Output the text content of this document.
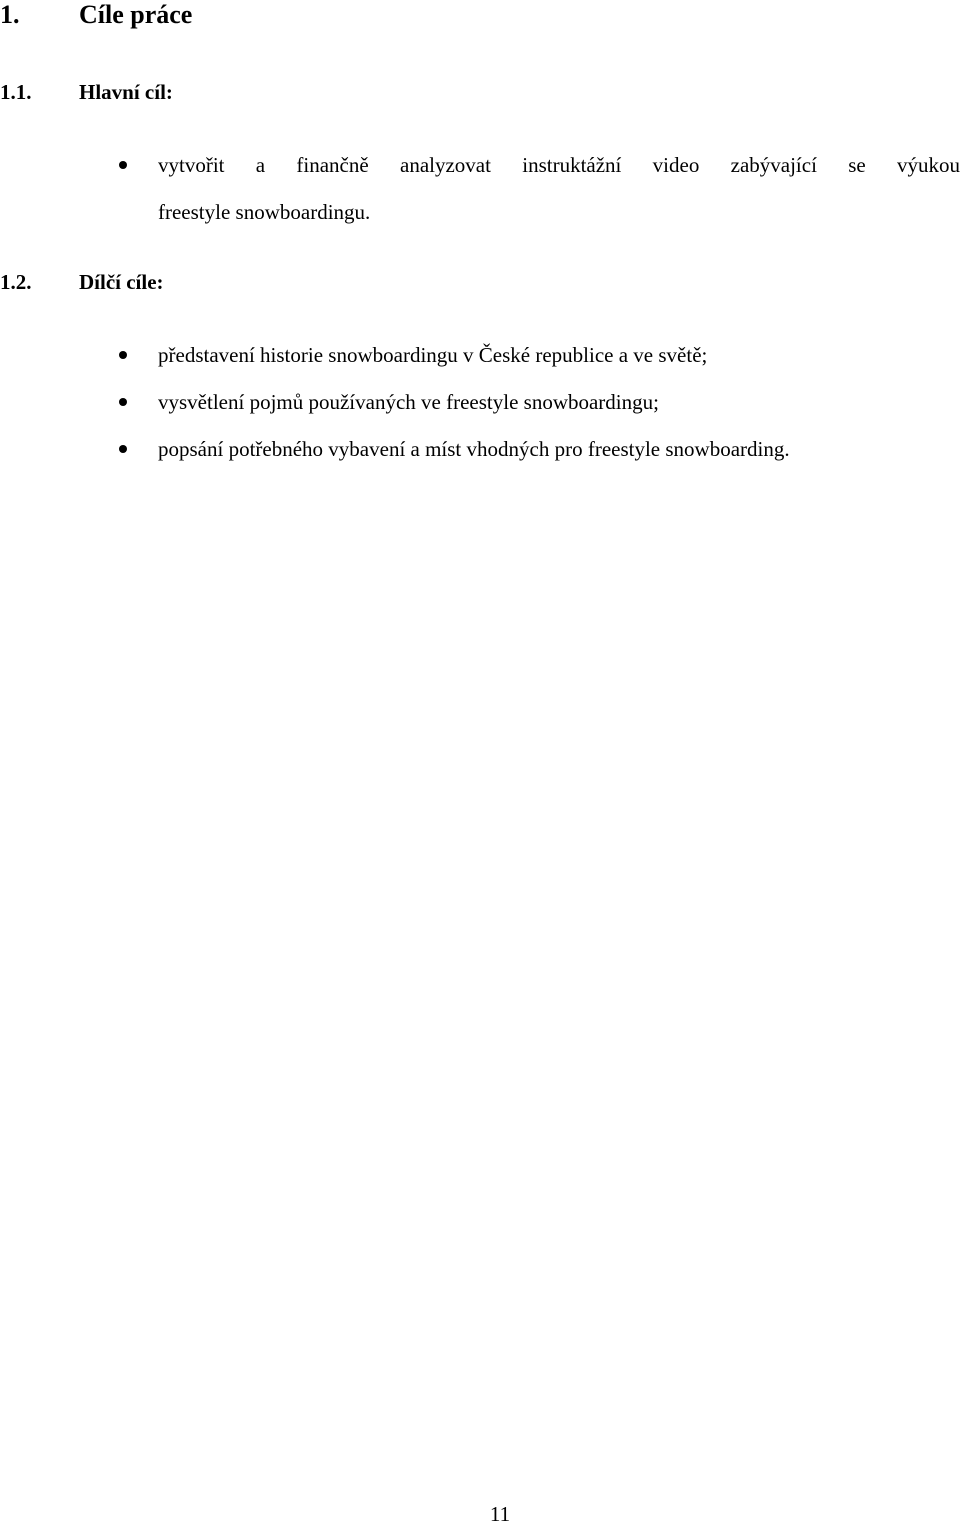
1. Cíle práce
1.1. Hlavní cíl:
vytvořit a finančně analyzovat instruktážní video zabývající se výukou
freestyle snowboardingu.
1.2. Dílčí cíle:
představení historie snowboardingu v České republice a ve světě;
vysvětlení pojmů používaných ve freestyle snowboardingu;
popsání potřebného vybavení a míst vhodných pro freestyle snowboarding.
11
